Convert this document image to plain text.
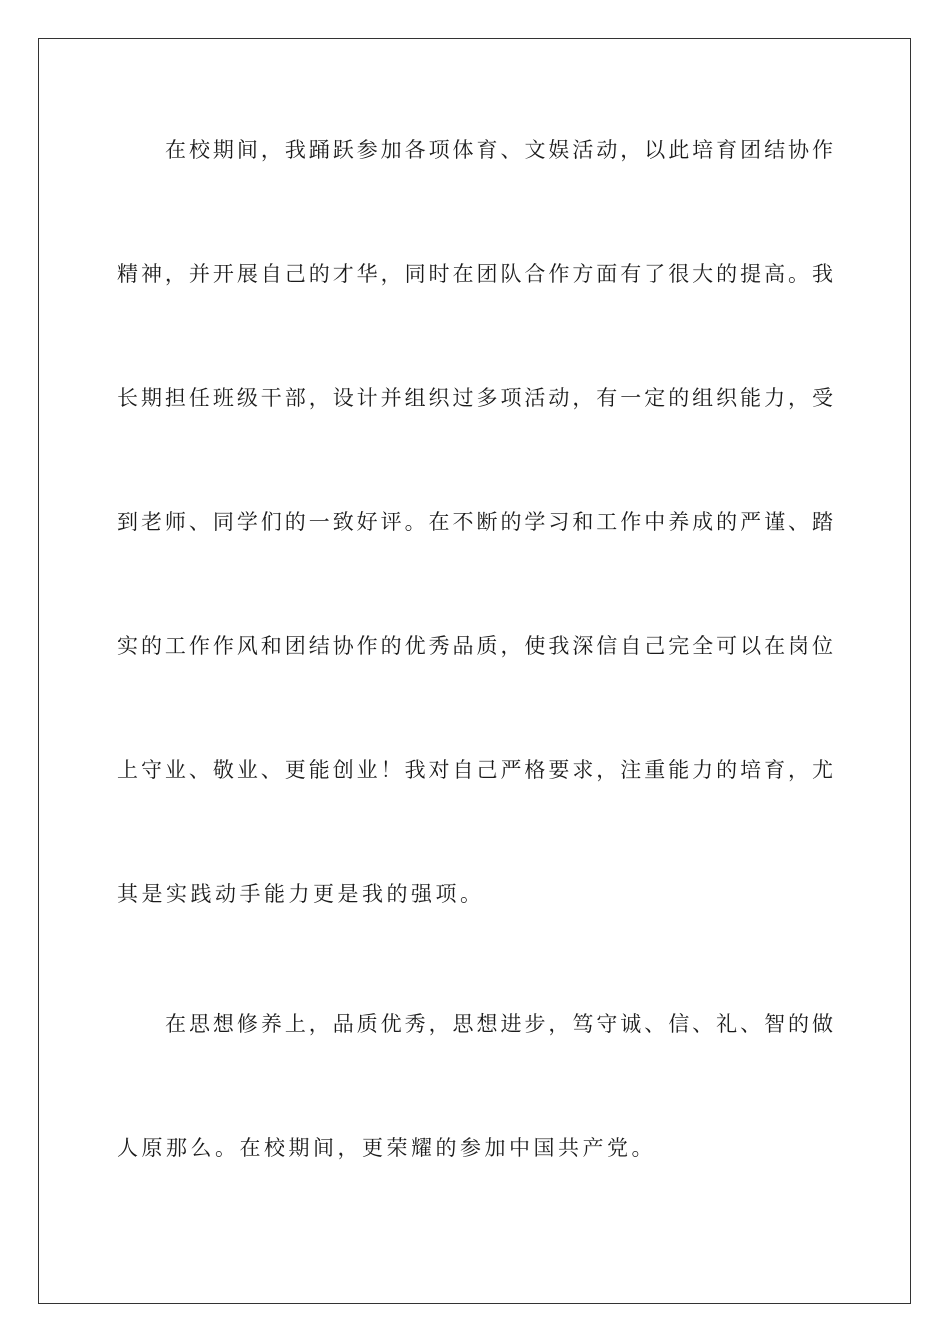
在校期间，我踊跃参加各项体育、文娱活动，以此培育团结协作
精神，并开展自己的才华，同时在团队合作方面有了很大的提高。我
长期担任班级干部，设计并组织过多项活动，有一定的组织能力，受
到老师、同学们的一致好评。在不断的学习和工作中养成的严谨、踏
实的工作作风和团结协作的优秀品质，使我深信自己完全可以在岗位
上守业、敬业、更能创业！我对自己严格要求，注重能力的培育，尤
其是实践动手能力更是我的强项。
在思想修养上，品质优秀，思想进步，笃守诚、信、礼、智的做
人原那么。在校期间，更荣耀的参加中国共产党。
